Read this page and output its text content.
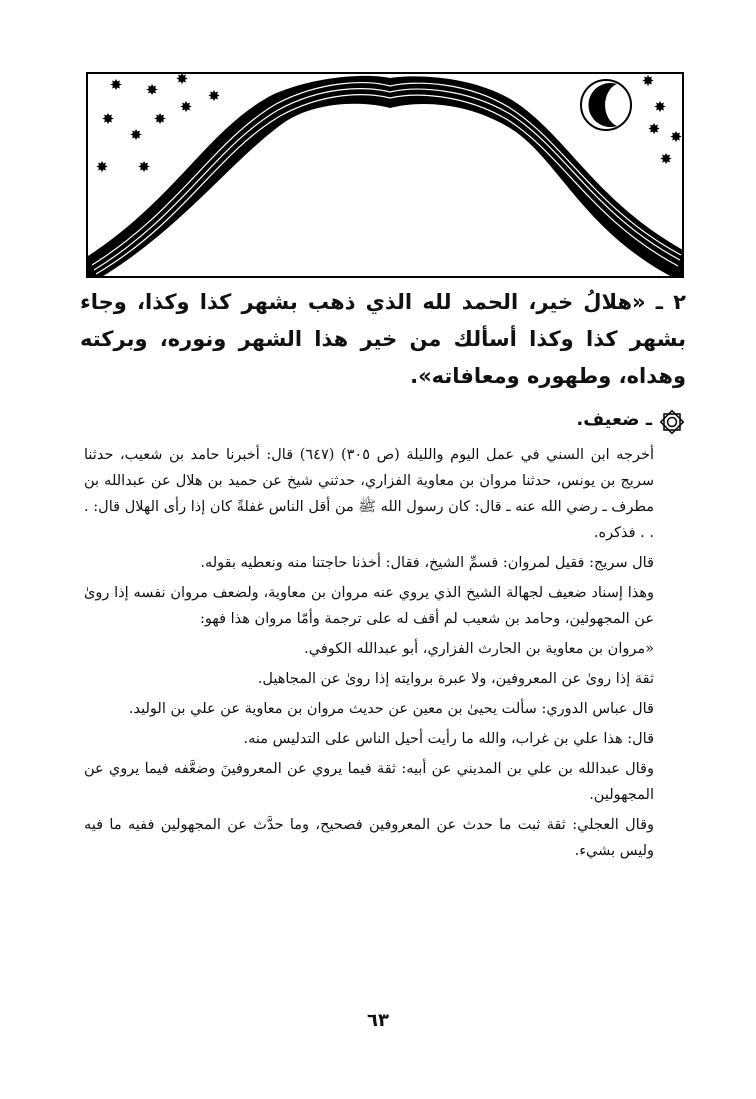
✸ ✸
✸
✸
✸
✸	✸
✸
✸ ✸
✸
✸
✸
✸
✸
٢ ـ «هلالُ خير، الحمد لله الذي ذهب بشهر كذا وكذا، وجاء بشهر كذا وكذا أسألك من خير هذا الشهر ونوره، وبركته وهداه، وطهوره ومعافاته».
ـ ضعيف.

أخرجه ابن السني في عمل اليوم والليلة (ص ٣٠٥) (٦٤٧) قال: أخبرنا حامد بن شعيب، حدثنا سريج بن يونس، حدثنا مروان بن معاوية الفزاري، حدثني شيخ عن حميد بن هلال عن عبدالله بن مطرف ـ رضي الله عنه ـ قال: كان رسول الله ﷺ من أقل الناس غفلةً كان إذا رأى الهلال قال: . . . فذكره.

قال سريج: فقيل لمروان: فسمِّ الشيخ، فقال: أخذنا حاجتنا منه ونعطيه بقوله.

وهذا إسناد ضعيف لجهالة الشيخ الذي يروي عنه مروان بن معاوية، ولضعف مروان نفسه إذا روىٰ عن المجهولين، وحامد بن شعيب لم أقف له على ترجمة وأمّا مروان هذا فهو:

«مروان بن معاوية بن الحارث الفزاري، أبو عبدالله الكوفي.

ثقة إذا روىٰ عن المعروفين، ولا عبرة بروايته إذا روىٰ عن المجاهيل.

قال عباس الدوري: سألت يحيىٰ بن معين عن حديث مروان بن معاوية عن علي بن الوليد.

قال: هذا علي بن غراب، والله ما رأيت أحيل الناس على التدليس منه.

وقال عبدالله بن علي بن المديني عن أبيه: ثقة فيما يروي عن المعروفينَ وضعَّفه فيما يروي عن المجهولين.

وقال العجلي: ثقة ثبت ما حدث عن المعروفين فصحيح، وما حدَّث عن المجهولين ففيه ما فيه وليس بشيء.

٦٣
